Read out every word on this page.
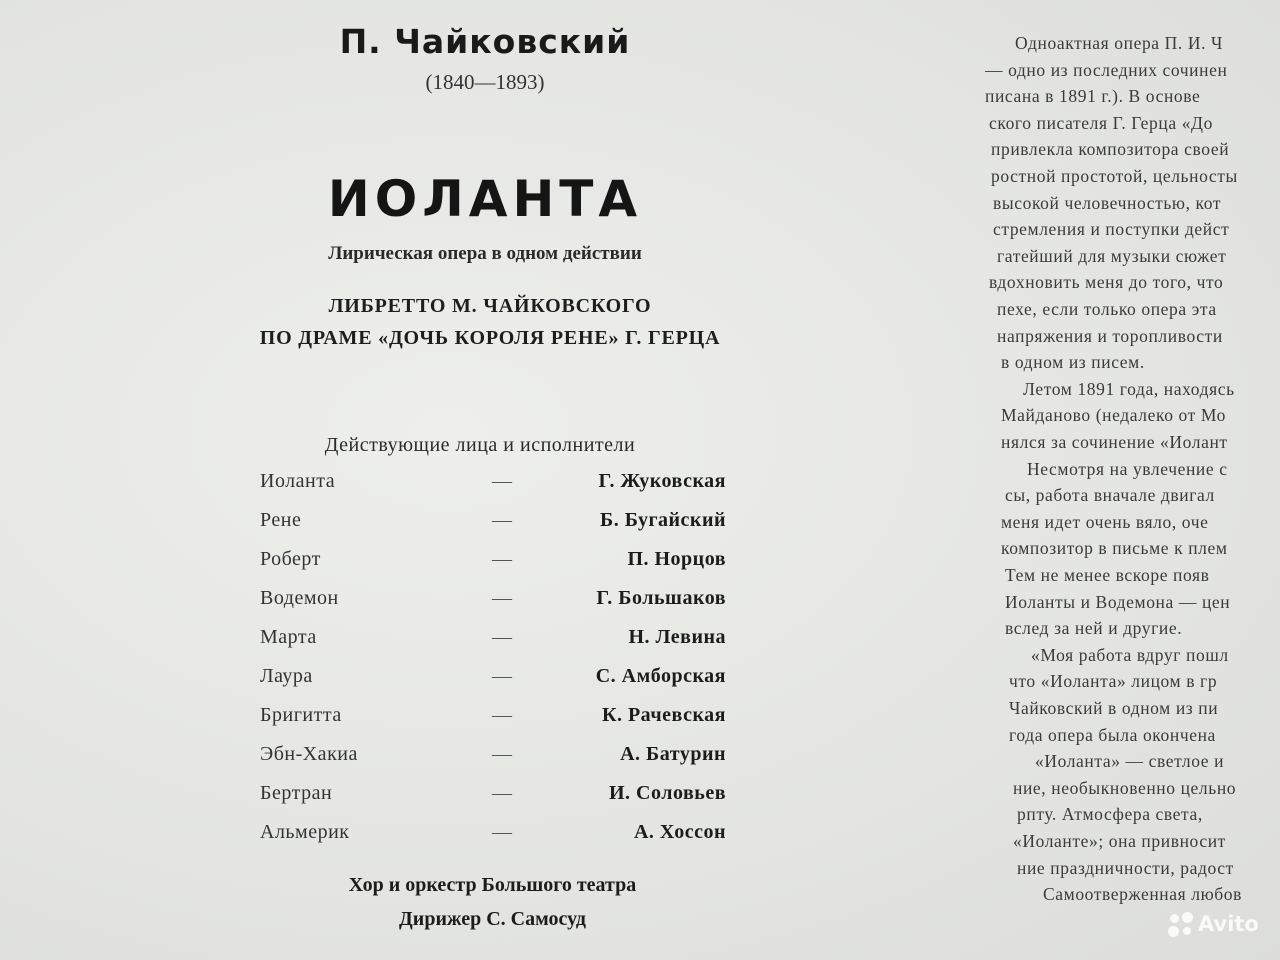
П. Чайковский
(1840—1893)
ИОЛАНТА
Лирическая опера в одном действии
ЛИБРЕТТО М. ЧАЙКОВСКОГО
ПО ДРАМЕ «ДОЧЬ КОРОЛЯ РЕНЕ» Г. ГЕРЦА
Действующие лица и исполнители
Иоланта	—	Г. Жуковская
Рене	—	Б. Бугайский
Роберт	—	П. Норцов
Водемон	—	Г. Большаков
Марта	—	Н. Левина
Лаура	—	С. Амборская
Бригитта	—	К. Рачевская
Эбн-Хакиа	—	А. Батурин
Бертран	—	И. Соловьев
Альмерик	—	А. Хоссон
Хор и оркестр Большого театра
Дирижер С. Самосуд
Одноактная опера П. И. Ч
— одно из последних сочинен
писана в 1891 г.). В основе
ского писателя Г. Герца «До
привлекла композитора своей
ростной простотой, цельносты
высокой человечностью, кот
стремления и поступки дейст
гатейший для музыки сюжет
вдохновить меня до того, что
пехе, если только опера эта
напряжения и торопливости
в одном из писем.
Летом 1891 года, находясь
Майданово (недалеко от Мо
нялся за сочинение «Иолант
Несмотря на увлечение с
сы, работа вначале двигал
меня идет очень вяло, оче
композитор в письме к плем
Тем не менее вскоре появ
Иоланты и Водемона — цен
вслед за ней и другие.
«Моя работа вдруг пошл
что «Иоланта» лицом в гр
Чайковский в одном из пи
года опера была окончена
«Иоланта» — светлое и
ние, необыкновенно цельно
рпту. Атмосфера света,
«Иоланте»; она привносит
ние праздничности, радост
Самоотверженная любов
Avito
